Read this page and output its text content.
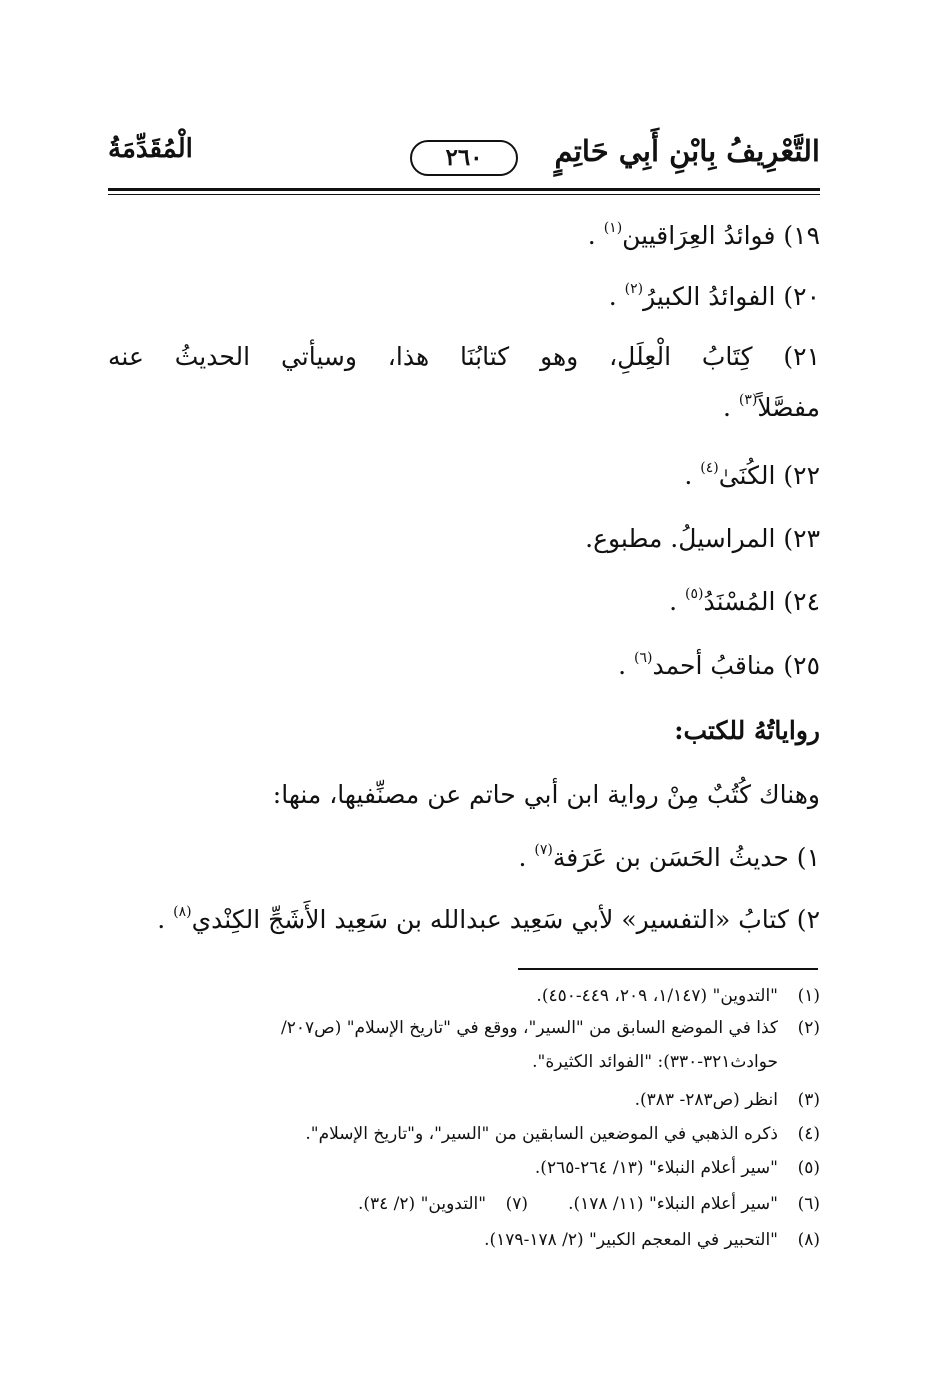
التَّعْرِيفُ بِابْنِ أَبِي حَاتِمٍ
٢٦٠
الْمُقَدِّمَةُ
١٩) فوائدُ العِرَاقيين$^{(١)}$ .
٢٠) الفوائدُ الكبيرُ$^{(٢)}$ .
٢١) كِتَابُ الْعِلَلِ، وهو كتابُنَا هذا، وسيأتي الحديثُ عنه
مفصَّلاً$^{(٣)}$ .
٢٢) الكُنَىٰ$^{(٤)}$ .
٢٣) المراسيلُ. مطبوع.
٢٤) المُسْنَدُ$^{(٥)}$ .
٢٥) مناقبُ أحمد$^{(٦)}$ .
رواياتُهُ للكتب:
وهناك كُتُبٌ مِنْ رواية ابن أبي حاتم عن مصنِّفيها، منها:
١) حديثُ الحَسَن بن عَرَفة$^{(٧)}$ .
٢) كتابُ «التفسير» لأبي سَعِيد عبدالله بن سَعِيد الأَشَجِّ الكِنْدي$^{(٨)}$ .
(١)"التدوين" (١/١٤٧، ٢٠٩، ٤٤٩-٤٥٠).
(٢)كذا في الموضع السابق من "السير"، ووقع في "تاريخ الإسلام" (ص٢٠٧/
حوادث٣٢١-٣٣٠): "الفوائد الكثيرة".
(٣)انظر (ص٢٨٣- ٣٨٣).
(٤)ذكره الذهبي في الموضعين السابقين من "السير"، و"تاريخ الإسلام".
(٥)"سير أعلام النبلاء" (١٣/ ٢٦٤-٢٦٥).
(٦)"سير أعلام النبلاء" (١١/ ١٧٨).(٧)"التدوين" (٢/ ٣٤).
(٨)"التحبير في المعجم الكبير" (٢/ ١٧٨-١٧٩).
